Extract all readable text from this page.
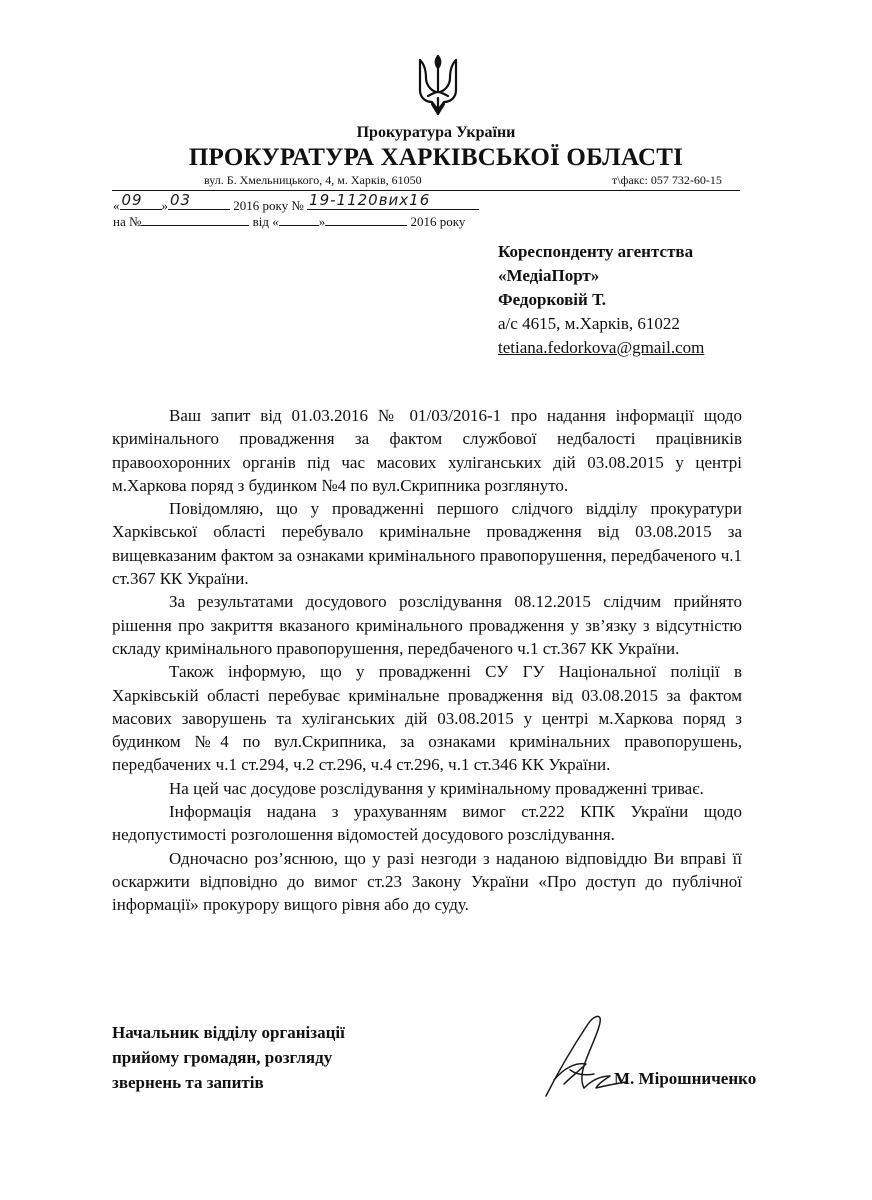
Прокуратура України
ПРОКУРАТУРА ХАРКІВСЬКОЇ ОБЛАСТІ
вул. Б. Хмельницького, 4, м. Харків, 61050	т\факс: 057 732-60-15
« 09 » 03	2016 року № 19-1120вих16
на №	від «	»	2016 року
Кореспонденту агентства
«МедіаПорт»
Федорковій Т.
а/с 4615, м.Харків, 61022
tetiana.fedorkova@gmail.com

Ваш запит від 01.03.2016 № 01/03/2016-1 про надання інформації щодо кримінального провадження за фактом службової недбалості працівників правоохоронних органів під час масових хуліганських дій 03.08.2015 у центрі м.Харкова поряд з будинком №4 по вул.Скрипника розглянуто.

Повідомляю, що у провадженні першого слідчого відділу прокуратури Харківської області перебувало кримінальне провадження від 03.08.2015 за вищевказаним фактом за ознаками кримінального правопорушення, передбаченого ч.1 ст.367 КК України.

За результатами досудового розслідування 08.12.2015 слідчим прийнято рішення про закриття вказаного кримінального провадження у зв’язку з відсутністю складу кримінального правопорушення, передбаченого ч.1 ст.367 КК України.

Також інформую, що у провадженні СУ ГУ Національної поліції в Харківській області перебуває кримінальне провадження від 03.08.2015 за фактом масових заворушень та хуліганських дій 03.08.2015 у центрі м.Харкова поряд з будинком №4 по вул.Скрипника, за ознаками кримінальних правопорушень, передбачених ч.1 ст.294, ч.2 ст.296, ч.4 ст.296, ч.1 ст.346 КК України.

На цей час досудове розслідування у кримінальному провадженні триває.

Інформація надана з урахуванням вимог ст.222 КПК України щодо недопустимості розголошення відомостей досудового розслідування.

Одночасно роз’яснюю, що у разі незгоди з наданою відповіддю Ви вправі її оскаржити відповідно до вимог ст.23 Закону України «Про доступ до публічної інформації» прокурору вищого рівня або до суду.

Начальник відділу організації
прийому громадян, розгляду
звернень та запитів	М. Мірошниченко
